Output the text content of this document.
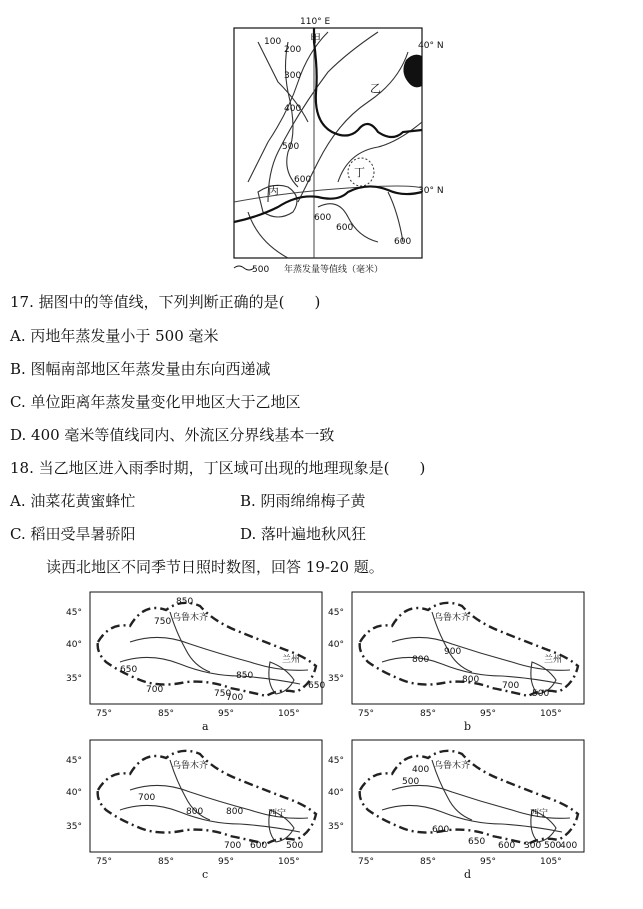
110° E
40° N
30° N
100
200
300
400
500
600
600
600
600
甲
乙
丙
丁
500 年蒸发量等值线（毫米）
17. 据图中的等值线，下列判断正确的是(　　)
A. 丙地年蒸发量小于 500 毫米
B. 图幅南部地区年蒸发量由东向西递减
C. 单位距离年蒸发量变化甲地区大于乙地区
D. 400 毫米等值线同内、外流区分界线基本一致
18. 当乙地区进入雨季时期，丁区域可出现的地理现象是(　　)
A. 油菜花黄蜜蜂忙	B. 阴雨绵绵梅子黄
C. 稻田受旱暑骄阳	D. 落叶遍地秋风狂
读西北地区不同季节日照时数图，回答 19-20 题。
45°
40°
35°
75°	85°	95°	105°
乌鲁木齐
兰州
850
750
650
700
850
750
700
650
a
45°
40°
35°
75°	85°	95°	105°
乌鲁木齐
兰州
900
800
800
700
500
b
45°
40°
35°
75°	85°	95°	105°
乌鲁木齐
西宁
700
800	800
700 600 500
c
45°
40°
35°
75°	85°	95°	105°
乌鲁木齐
西宁
400
500
600
650 600	500
300 400
d
